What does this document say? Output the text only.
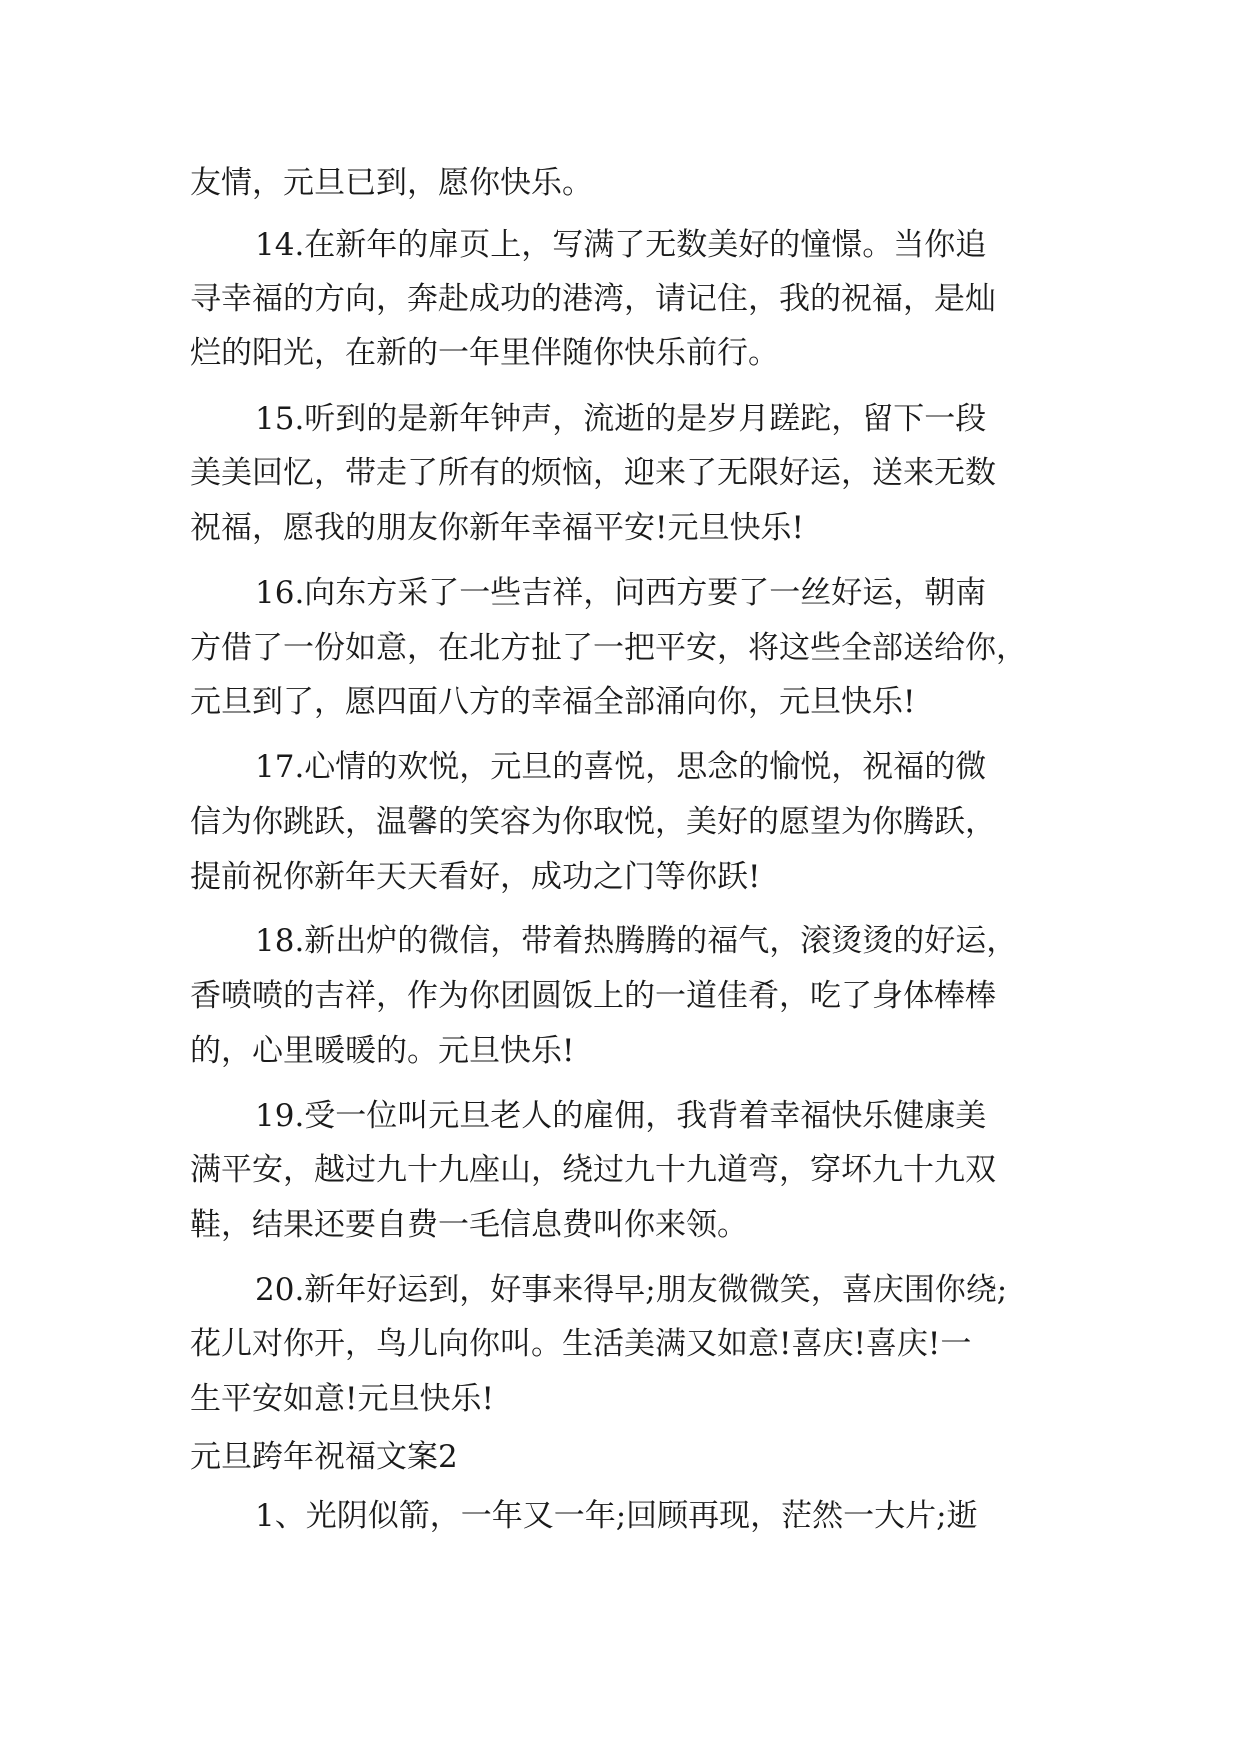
友情，元旦已到，愿你快乐。
14.在新年的扉页上，写满了无数美好的憧憬。当你追
寻幸福的方向，奔赴成功的港湾，请记住，我的祝福，是灿
烂的阳光，在新的一年里伴随你快乐前行。
15.听到的是新年钟声，流逝的是岁月蹉跎，留下一段
美美回忆，带走了所有的烦恼，迎来了无限好运，送来无数
祝福，愿我的朋友你新年幸福平安!元旦快乐!
16.向东方采了一些吉祥，问西方要了一丝好运，朝南
方借了一份如意，在北方扯了一把平安，将这些全部送给你，
元旦到了，愿四面八方的幸福全部涌向你，元旦快乐!
17.心情的欢悦，元旦的喜悦，思念的愉悦，祝福的微
信为你跳跃，温馨的笑容为你取悦，美好的愿望为你腾跃，
提前祝你新年天天看好，成功之门等你跃!
18.新出炉的微信，带着热腾腾的福气，滚烫烫的好运，
香喷喷的吉祥，作为你团圆饭上的一道佳肴，吃了身体棒棒
的，心里暖暖的。元旦快乐!
19.受一位叫元旦老人的雇佣，我背着幸福快乐健康美
满平安，越过九十九座山，绕过九十九道弯，穿坏九十九双
鞋，结果还要自费一毛信息费叫你来领。
20.新年好运到，好事来得早;朋友微微笑，喜庆围你绕;
花儿对你开，鸟儿向你叫。生活美满又如意!喜庆!喜庆!一
生平安如意!元旦快乐!
元旦跨年祝福文案2
1、光阴似箭，一年又一年;回顾再现，茫然一大片;逝
